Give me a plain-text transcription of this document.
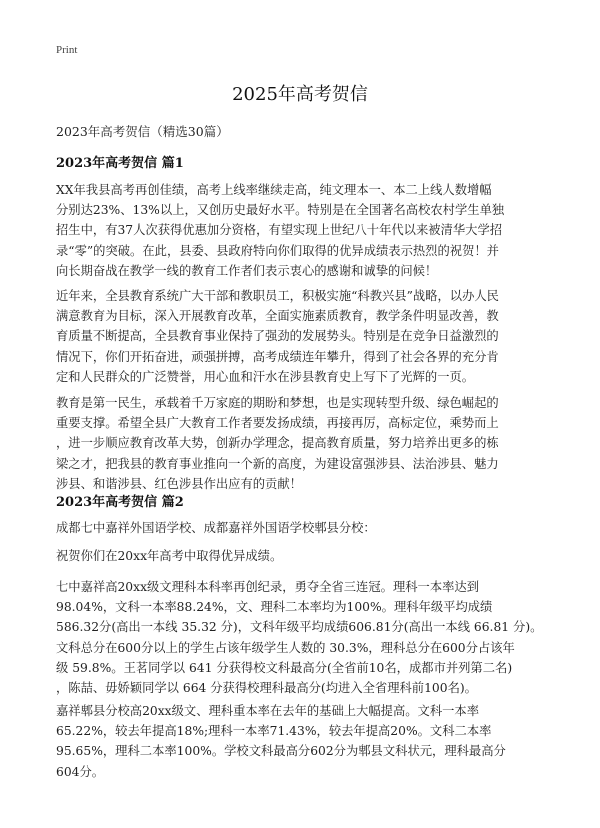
Print
2025年高考贺信
2023年高考贺信（精选30篇）
2023年高考贺信 篇1
XX年我县高考再创佳绩，高考上线率继续走高，纯文理本一、本二上线人数增幅
分别达23%、13%以上，又创历史最好水平。特别是在全国著名高校农村学生单独
招生中，有37人次获得优惠加分资格，有望实现上世纪八十年代以来被清华大学招
录“零”的突破。在此，县委、县政府特向你们取得的优异成绩表示热烈的祝贺！并
向长期奋战在教学一线的教育工作者们表示衷心的感谢和诚挚的问候！
近年来，全县教育系统广大干部和教职员工，积极实施“科教兴县”战略，以办人民
满意教育为目标，深入开展教育改革，全面实施素质教育，教学条件明显改善，教
育质量不断提高，全县教育事业保持了强劲的发展势头。特别是在竞争日益激烈的
情况下，你们开拓奋进，顽强拼搏，高考成绩连年攀升，得到了社会各界的充分肯
定和人民群众的广泛赞誉，用心血和汗水在涉县教育史上写下了光辉的一页。
教育是第一民生，承载着千万家庭的期盼和梦想，也是实现转型升级、绿色崛起的
重要支撑。希望全县广大教育工作者要发扬成绩，再接再厉，高标定位，乘势而上
，进一步顺应教育改革大势，创新办学理念，提高教育质量，努力培养出更多的栋
梁之才，把我县的教育事业推向一个新的高度，为建设富强涉县、法治涉县、魅力
涉县、和谐涉县、红色涉县作出应有的贡献！
2023年高考贺信 篇2
成都七中嘉祥外国语学校、成都嘉祥外国语学校郫县分校：
祝贺你们在20xx年高考中取得优异成绩。
七中嘉祥高20xx级文理科本科率再创纪录，勇夺全省三连冠。理科一本率达到
98.04%，文科一本率88.24%，文、理科二本率均为100%。理科年级平均成绩
586.32分(高出一本线 35.32 分)，文科年级平均成绩606.81分(高出一本线 66.81 分)。
文科总分在600分以上的学生占该年级学生人数的 30.3%，理科总分在600分占该年
级 59.8%。王茗同学以 641 分获得校文科最高分(全省前10名，成都市并列第二名)
，陈喆、毋娇颖同学以 664 分获得校理科最高分(均进入全省理科前100名)。
嘉祥郫县分校高20xx级文、理科重本率在去年的基础上大幅提高。文科一本率
65.22%，较去年提高18%;理科一本率71.43%，较去年提高20%。文科二本率
95.65%，理科二本率100%。学校文科最高分602分为郫县文科状元，理科最高分
604分。
